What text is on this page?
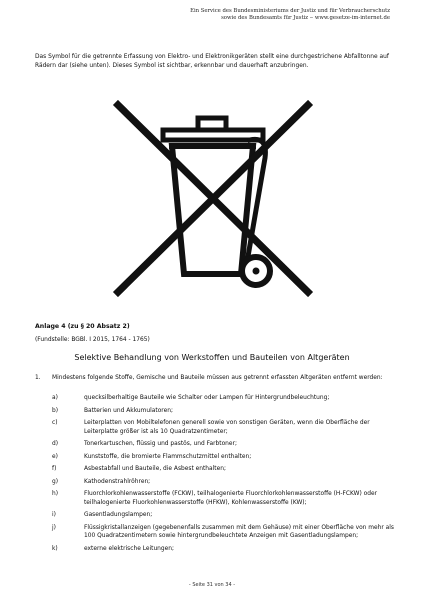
Ein Service des Bundesministeriums der Justiz und für Verbraucherschutz
sowie des Bundesamts für Justiz ‒ www.gesetze-im-internet.de
Das Symbol für die getrennte Erfassung von Elektro- und Elektronikgeräten stellt eine durchgestrichene Abfalltonne auf Rädern dar (siehe unten). Dieses Symbol ist sichtbar, erkennbar und dauerhaft anzubringen.
Anlage 4 (zu § 20 Absatz 2)
(Fundstelle: BGBl. I 2015, 1764 - 1765)
Selektive Behandlung von Werkstoffen und Bauteilen von Altgeräten
1. Mindestens folgende Stoffe, Gemische und Bauteile müssen aus getrennt erfassten Altgeräten entfernt werden:
a)	quecksilberhaltige Bauteile wie Schalter oder Lampen für Hintergrundbeleuchtung;
b)	Batterien und Akkumulatoren;
c)	Leiterplatten von Mobiltelefonen generell sowie von sonstigen Geräten, wenn die Oberfläche der Leiterplatte größer ist als 10 Quadratzentimeter;
d)	Tonerkartuschen, flüssig und pastös, und Farbtoner;
e)	Kunststoffe, die bromierte Flammschutzmittel enthalten;
f)	Asbestabfall und Bauteile, die Asbest enthalten;
g)	Kathodenstrahlröhren;
h)	Fluorchlorkohlenwasserstoffe (FCKW), teilhalogenierte Fluorchlorkohlenwasserstoffe (H-FCKW) oder teilhalogenierte Fluorkohlenwasserstoffe (HFKW), Kohlenwasserstoffe (KW);
i)	Gasentladungslampen;
j)	Flüssigkristallanzeigen (gegebenenfalls zusammen mit dem Gehäuse) mit einer Oberfläche von mehr als 100 Quadratzentimetern sowie hintergrundbeleuchtete Anzeigen mit Gasentladungslampen;
k)	externe elektrische Leitungen;
- Seite 31 von 34 -
